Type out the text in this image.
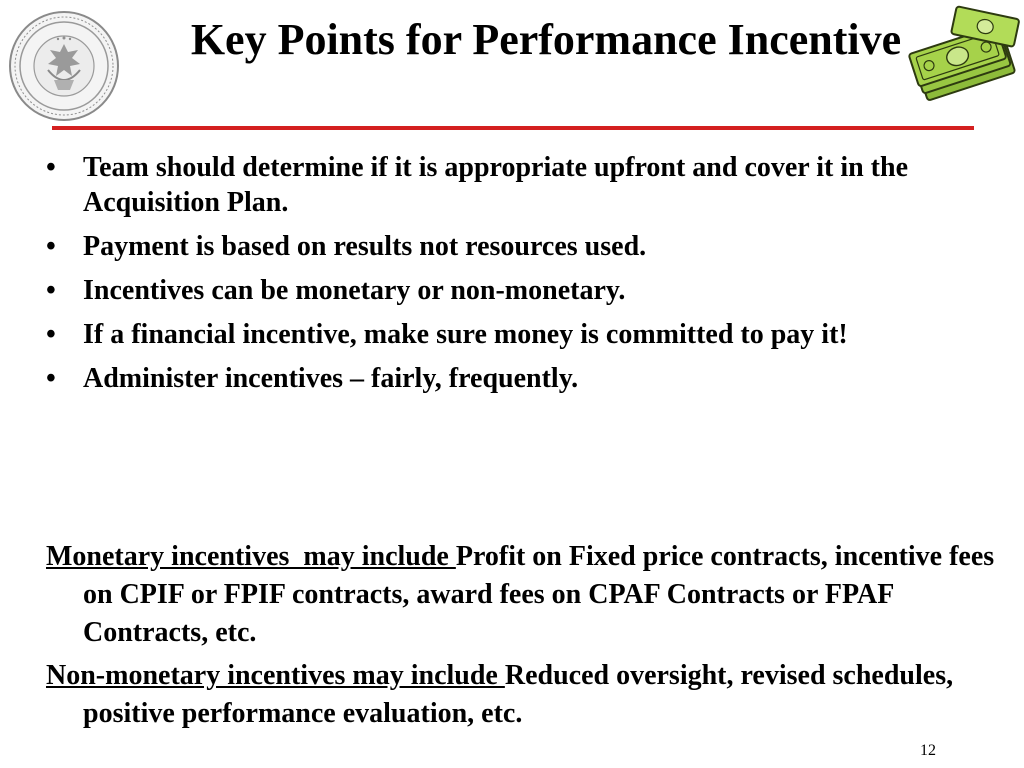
Key Points for Performance Incentive
• Team should determine if it is appropriate upfront and cover it in the Acquisition Plan.
• Payment is based on results not resources used.
• Incentives can be monetary or non-monetary.
• If a financial incentive, make sure money is committed to pay it!
• Administer incentives – fairly, frequently.

Monetary incentives  may include Profit on Fixed price contracts, incentive fees on CPIF or FPIF contracts, award fees on CPAF Contracts or FPAF Contracts, etc.

Non-monetary incentives may include Reduced oversight, revised schedules, positive performance evaluation, etc.

12
